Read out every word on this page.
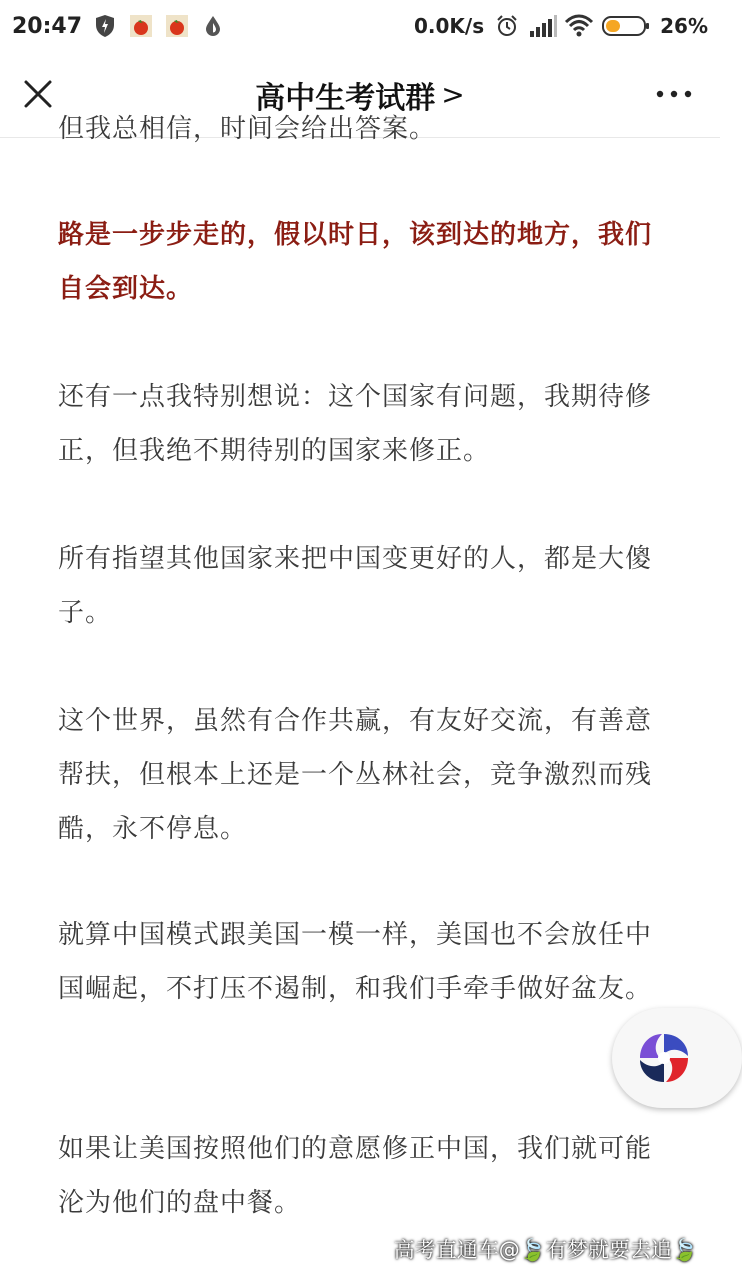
20:47	0.0K/s	26%
高中生考试群 >

但我总相信，时间会给出答案。

路是一步步走的，假以时日，该到达的地方，我们自会到达。

还有一点我特别想说：这个国家有问题，我期待修正，但我绝不期待别的国家来修正。

所有指望其他国家来把中国变更好的人，都是大傻子。

这个世界，虽然有合作共赢，有友好交流，有善意帮扶，但根本上还是一个丛林社会，竞争激烈而残酷，永不停息。

就算中国模式跟美国一模一样，美国也不会放任中国崛起，不打压不遏制，和我们手牵手做好盆友。

如果让美国按照他们的意愿修正中国，我们就可能沦为他们的盘中餐。

高考直通车@🍃有梦就要去追🍃
